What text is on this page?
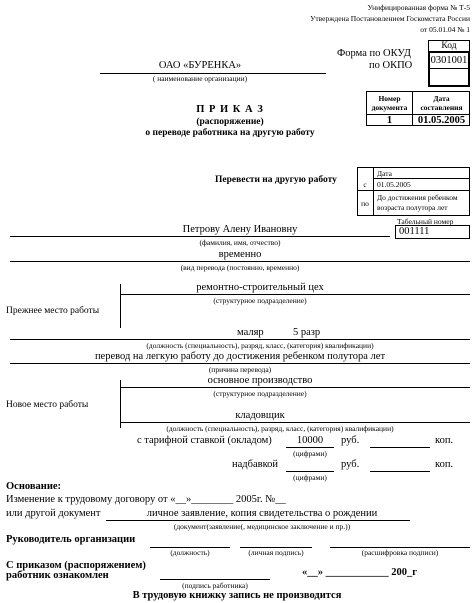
Унифицированная форма № Т-5
Утверждена Постановлением Госкомстата России
от 05.01.04 № 1
Код
0301001
Форма по ОКУД
по ОКПО
ОАО «БУРЕНКА»
( наименование организации)
Номер документа
Дата составления
1	01.05.2005
П Р И К А З
(распоряжение)
о переводе работника на другую работу
Перевести на другую работу
Дата
с	01.05.2005
по
До достижения ребенком возраста полутора лет
Табельный номер
001111
Петрову Алену Ивановну
(фамилия, имя, отчество)
временно
(вид перевода (постоянно, временно)
Прежнее место работы
ремонтно-строительный цех
(структурное подразделение)
маляр	5 разр
(должность (специальность), разряд, класс, (категория) квалификации)
перевод на легкую работу до достижения ребенком полутора лет
(причина перевода)
Новое место работы
основное производство
(структурное подразделение)
кладовщик
(должность (специальность), разряд, класс, (категория) квалификации)
с тарифной ставкой (окладом)	10000	руб.	коп.
(цифрами)
надбавкой	руб.	коп.
(цифрами)
Основание:
Изменение к трудовому договору от «__»________ 2005г. №__
или другой документ	личное заявление, копия свидетельства о рождении
(документ(заявление(, медицинское заключение и пр.))
Руководитель организации
(должность)	(личная подпись)	(расшифровка подписи)
С приказом (распоряжением)
работник ознакомлен
(подпись работника)
«__» ____________ 200_г
В трудовую книжку запись не производится
